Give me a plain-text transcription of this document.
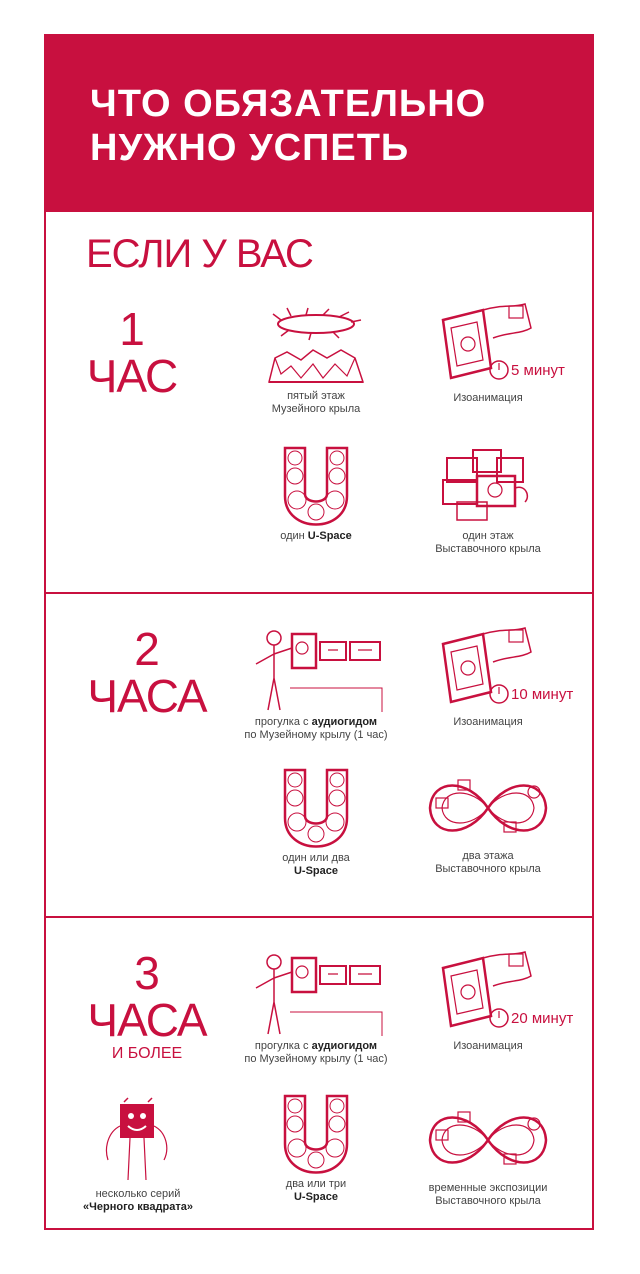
ЧТО ОБЯЗАТЕЛЬНО
НУЖНО УСПЕТЬ
ЕСЛИ У ВАС
1
ЧАС	пятый этаж
Музейного крыла
5 минут
Изоанимация
один U-Space	один этаж
Выставочного крыла
2
ЧАСА	прогулка с аудиогидом
по Музейному крылу (1 час)
10 минут
Изоанимация
один или два
U-Space
два этажа
Выставочного крыла
3
ЧАСА
И БОЛЕЕ	прогулка с аудиогидом
по Музейному крылу (1 час)
20 минут
Изоанимация
несколько серий
«Черного квадрата»
два или три
U-Space
временные экспозиции
Выставочного крыла
